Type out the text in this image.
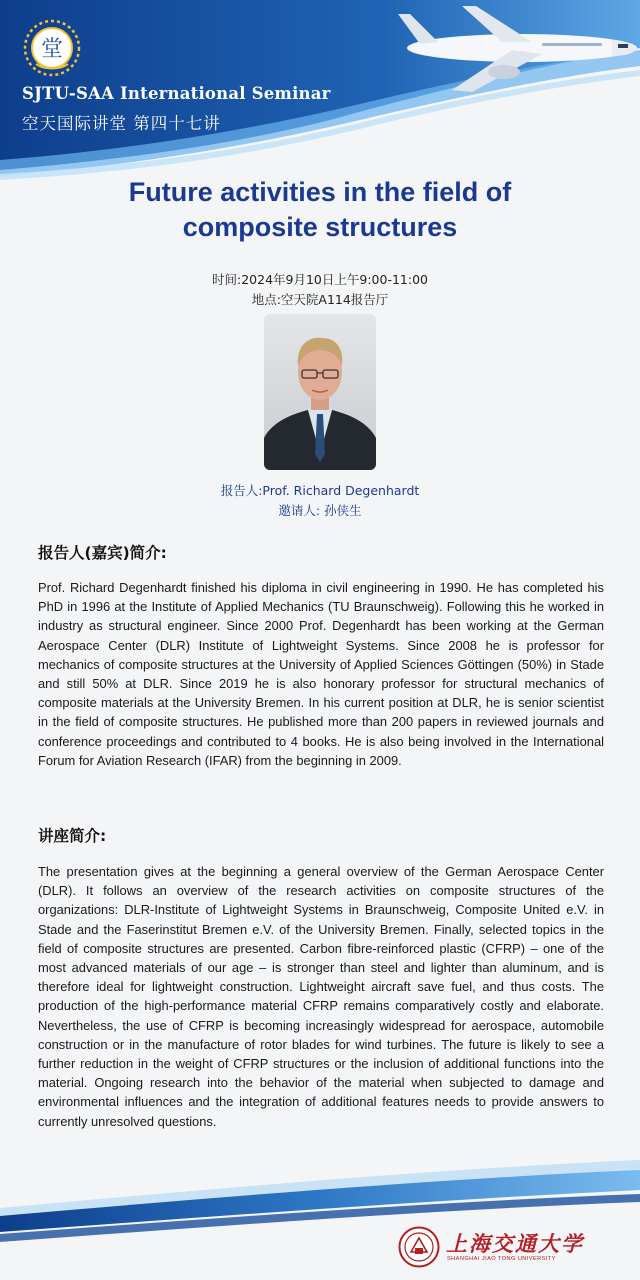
堂
SJTU-SAA International Seminar
空天国际讲堂 第四十七讲
Future activities in the field of
composite structures
时间:2024年9月10日上午9:00-11:00
地点:空天院A114报告厅
报告人:Prof. Richard Degenhardt
邀请人: 孙侠生
报告人(嘉宾)简介:

Prof. Richard Degenhardt finished his diploma in civil engineering in 1990. He has completed his PhD in 1996 at the Institute of Applied Mechanics (TU Braunschweig). Following this he worked in industry as structural engineer. Since 2000 Prof. Degenhardt has been working at the German Aerospace Center (DLR) Institute of Lightweight Systems. Since 2008 he is professor for mechanics of composite structures at the University of Applied Sciences Göttingen (50%) in Stade and still 50% at DLR. Since 2019 he is also honorary professor for structural mechanics of composite materials at the University Bremen. In his current position at DLR, he is senior scientist in the field of composite structures. He published more than 200 papers in reviewed journals and conference proceedings and contributed to 4 books. He is also being involved in the International Forum for Aviation Research (IFAR) from the beginning in 2009.

讲座简介:

The presentation gives at the beginning a general overview of the German Aerospace Center (DLR). It follows an overview of the research activities on composite structures of the organizations: DLR-Institute of Lightweight Systems in Braunschweig, Composite United e.V. in Stade and the Faserinstitut Bremen e.V. of the University Bremen. Finally, selected topics in the field of composite structures are presented. Carbon fibre-reinforced plastic (CFRP) – one of the most advanced materials of our age – is stronger than steel and lighter than aluminum, and is therefore ideal for lightweight construction. Lightweight aircraft save fuel, and thus costs. The production of the high-performance material CFRP remains comparatively costly and elaborate. Nevertheless, the use of CFRP is becoming increasingly widespread for aerospace, automobile construction or in the manufacture of rotor blades for wind turbines. The future is likely to see a further reduction in the weight of CFRP structures or the inclusion of additional functions into the material. Ongoing research into the behavior of the material when subjected to damage and environmental influences and the integration of additional features needs to provide answers to currently unresolved questions.

上海交通大学
SHANGHAI JIAO TONG UNIVERSITY
